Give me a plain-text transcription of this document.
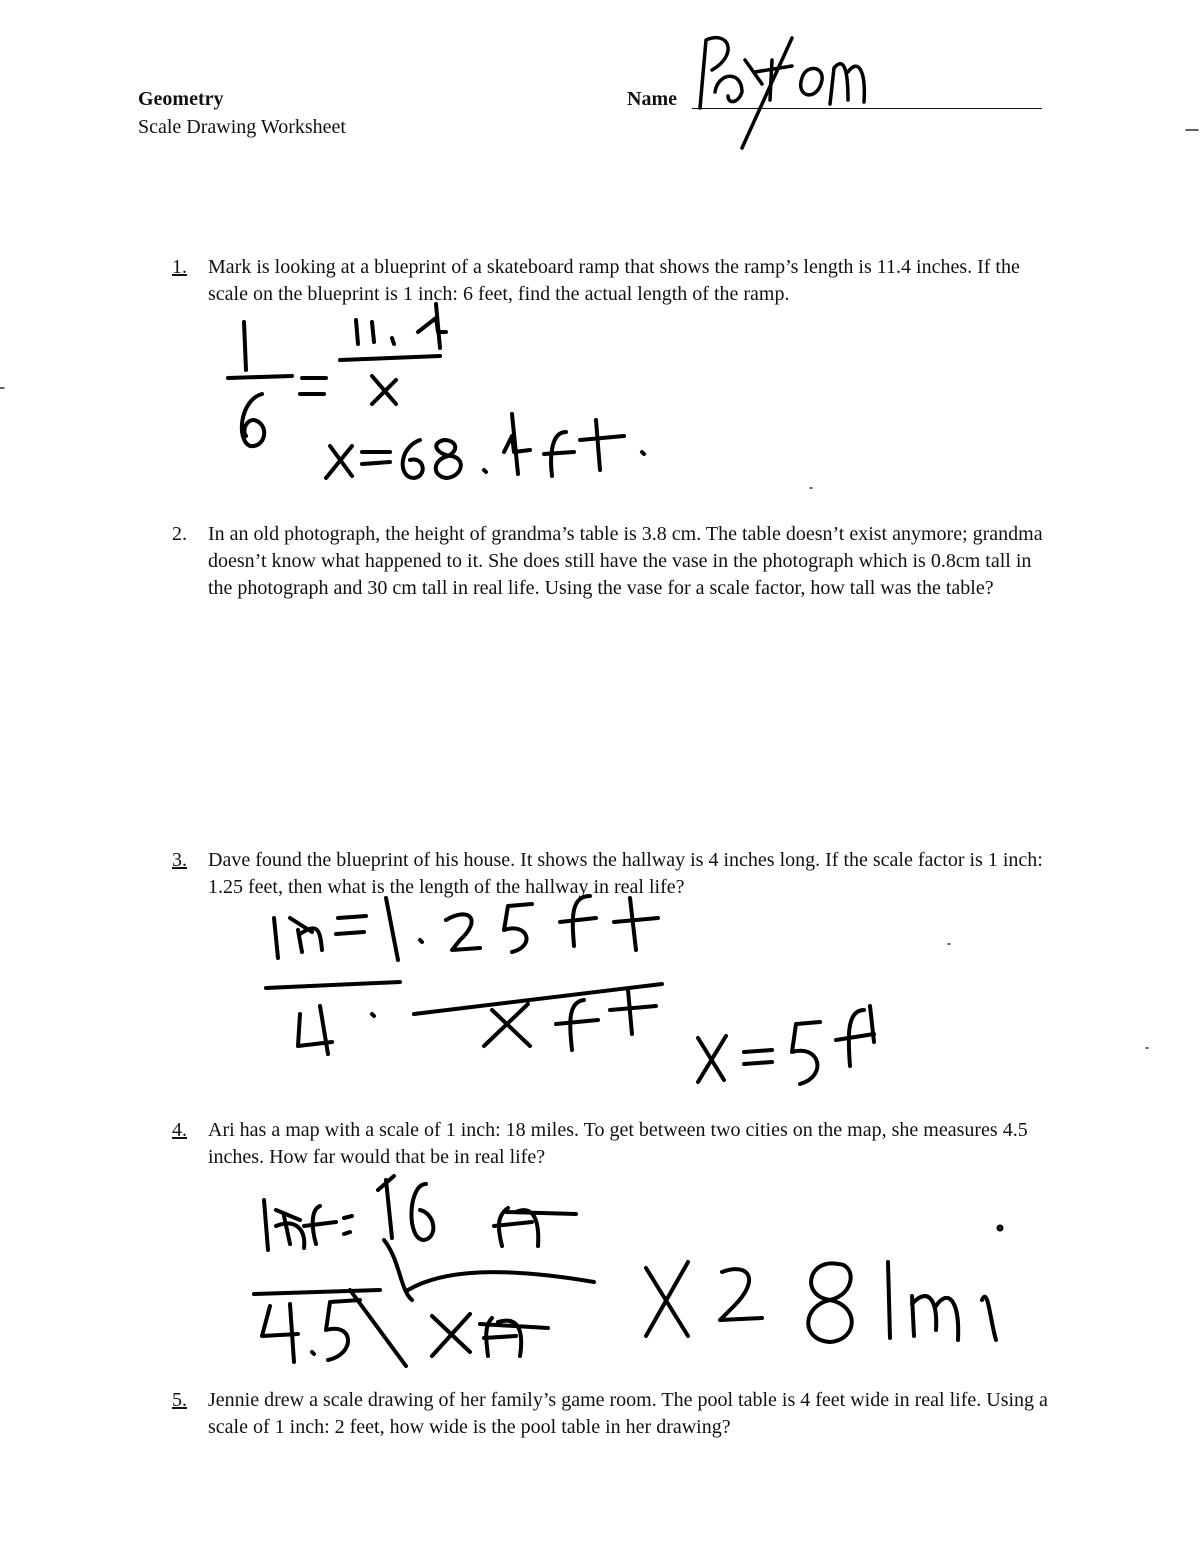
Geometry
Scale Drawing Worksheet
Name
1. Mark is looking at a blueprint of a skateboard ramp that shows the ramp’s length is 11.4 inches. If the scale on the blueprint is 1 inch: 6 feet, find the actual length of the ramp.
2. In an old photograph, the height of grandma’s table is 3.8 cm. The table doesn’t exist anymore; grandma doesn’t know what happened to it. She does still have the vase in the photograph which is 0.8cm tall in the photograph and 30 cm tall in real life. Using the vase for a scale factor, how tall was the table?
3. Dave found the blueprint of his house. It shows the hallway is 4 inches long. If the scale factor is 1 inch: 1.25 feet, then what is the length of the hallway in real life?
4. Ari has a map with a scale of 1 inch: 18 miles. To get between two cities on the map, she measures 4.5 inches. How far would that be in real life?
5. Jennie drew a scale drawing of her family’s game room. The pool table is 4 feet wide in real life. Using a scale of 1 inch: 2 feet, how wide is the pool table in her drawing?
